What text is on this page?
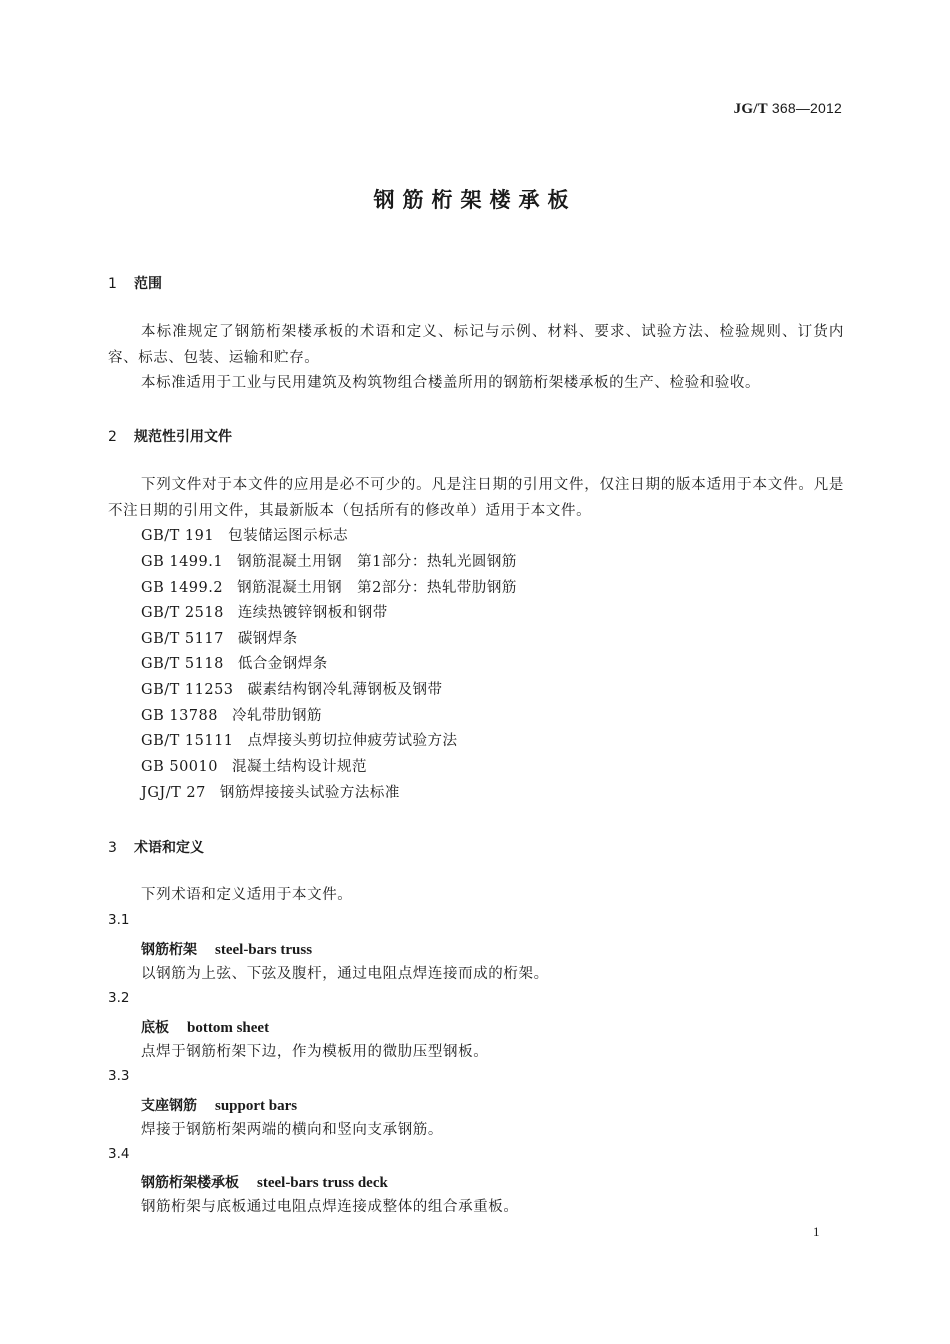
JG/T 368—2012
钢筋桁架楼承板
1 范围
本标准规定了钢筋桁架楼承板的术语和定义、标记与示例、材料、要求、试验方法、检验规则、订货内容、标志、包装、运输和贮存。
本标准适用于工业与民用建筑及构筑物组合楼盖所用的钢筋桁架楼承板的生产、检验和验收。
2 规范性引用文件
下列文件对于本文件的应用是必不可少的。凡是注日期的引用文件，仅注日期的版本适用于本文件。凡是不注日期的引用文件，其最新版本（包括所有的修改单）适用于本文件。
GB/T 191 包装储运图示标志
GB 1499.1 钢筋混凝土用钢　第1部分：热轧光圆钢筋
GB 1499.2 钢筋混凝土用钢　第2部分：热轧带肋钢筋
GB/T 2518 连续热镀锌钢板和钢带
GB/T 5117 碳钢焊条
GB/T 5118 低合金钢焊条
GB/T 11253 碳素结构钢冷轧薄钢板及钢带
GB 13788 冷轧带肋钢筋
GB/T 15111 点焊接头剪切拉伸疲劳试验方法
GB 50010 混凝土结构设计规范
JGJ/T 27 钢筋焊接接头试验方法标准
3 术语和定义
下列术语和定义适用于本文件。
3.1
钢筋桁架 steel-bars truss
以钢筋为上弦、下弦及腹杆，通过电阻点焊连接而成的桁架。
3.2
底板 bottom sheet
点焊于钢筋桁架下边，作为模板用的微肋压型钢板。
3.3
支座钢筋 support bars
焊接于钢筋桁架两端的横向和竖向支承钢筋。
3.4
钢筋桁架楼承板 steel-bars truss deck
钢筋桁架与底板通过电阻点焊连接成整体的组合承重板。
1
